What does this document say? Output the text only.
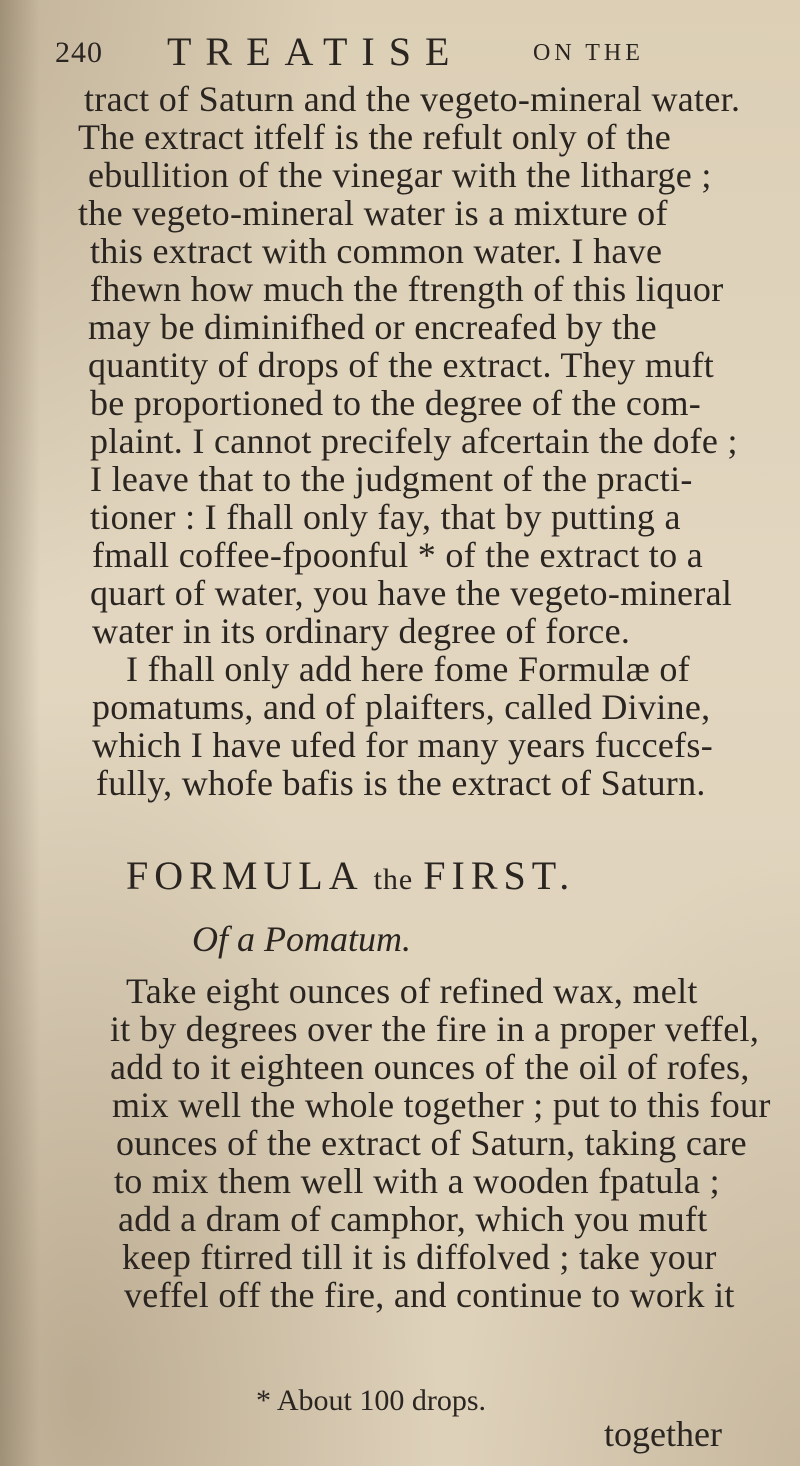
240 TREATISE	ON THE
tract of Saturn and the vegeto-mineral water.
The extract itfelf is the refult only of the
ebullition of the vinegar with the litharge ;
the vegeto-mineral water is a mixture of
this extract with common water. I have
fhewn how much the ftrength of this liquor
may be diminifhed or encreafed by the
quantity of drops of the extract. They muft
be proportioned to the degree of the com-
plaint. I cannot precifely afcertain the dofe ;
I leave that to the judgment of the practi-
tioner : I fhall only fay, that by putting a
fmall coffee-fpoonful * of the extract to a
quart of water, you have the vegeto-mineral
water in its ordinary degree of force.
I fhall only add here fome Formulæ of
pomatums, and of plaifters, called Divine,
which I have ufed for many years fuccefs-
fully, whofe bafis is the extract of Saturn.
FORMULA the FIRST.
Of a Pomatum.
Take eight ounces of refined wax, melt
it by degrees over the fire in a proper veffel,
add to it eighteen ounces of the oil of rofes,
mix well the whole together ; put to this four
ounces of the extract of Saturn, taking care
to mix them well with a wooden fpatula ;
add a dram of camphor, which you muft
keep ftirred till it is diffolved ; take your
veffel off the fire, and continue to work it
* About 100 drops.
together
